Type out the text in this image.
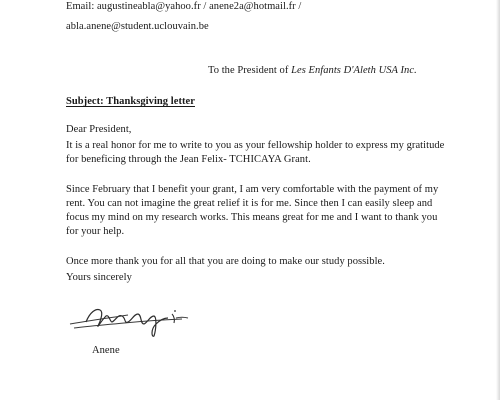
Email: augustineabla@yahoo.fr / anene2a@hotmail.fr /
abla.anene@student.uclouvain.be
To the President of Les Enfants D'Aleth USA Inc.
Subject: Thanksgiving letter
Dear President,
It is a real honor for me to write to you as your fellowship holder to express my gratitude
for beneficing through the Jean Felix- TCHICAYA Grant.
Since February that I benefit your grant, I am very comfortable with the payment of my
rent. You can not imagine the great relief it is for me. Since then I can easily sleep and
focus my mind on my research works. This means great for me and I want to thank you
for your help.
Once more thank you for all that you are doing to make our study possible.
Yours sincerely
Anene
